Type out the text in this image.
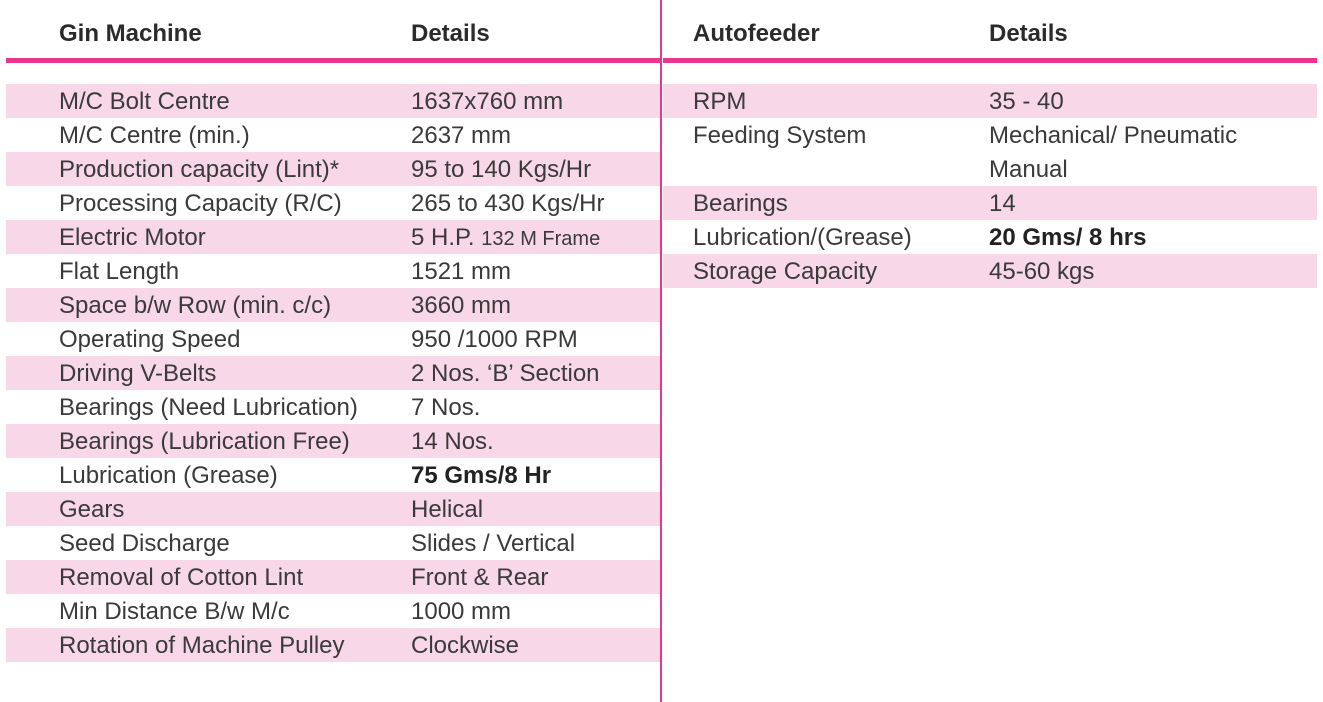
Gin Machine	Details
M/C Bolt Centre	1637x760 mm
M/C Centre (min.)	2637 mm
Production capacity (Lint)*	95 to 140 Kgs/Hr
Processing Capacity (R/C)	265 to 430 Kgs/Hr
Electric Motor	5 H.P. 132 M Frame
Flat Length	1521 mm
Space b/w Row (min. c/c)	3660 mm
Operating Speed	950 /1000 RPM
Driving V-Belts	2 Nos. ‘B’ Section
Bearings (Need Lubrication) 7 Nos.
Bearings (Lubrication Free)	14 Nos.
Lubrication (Grease)	75 Gms/8 Hr
Gears	Helical
Seed Discharge	Slides / Vertical
Removal of Cotton Lint	Front & Rear
Min Distance B/w M/c	1000 mm
Rotation of Machine Pulley	Clockwise
Autofeeder	Details
RPM	35 - 40
Feeding System	Mechanical/ Pneumatic
Manual
Bearings	14
Lubrication/(Grease)	20 Gms/ 8 hrs
Storage Capacity	45-60 kgs
